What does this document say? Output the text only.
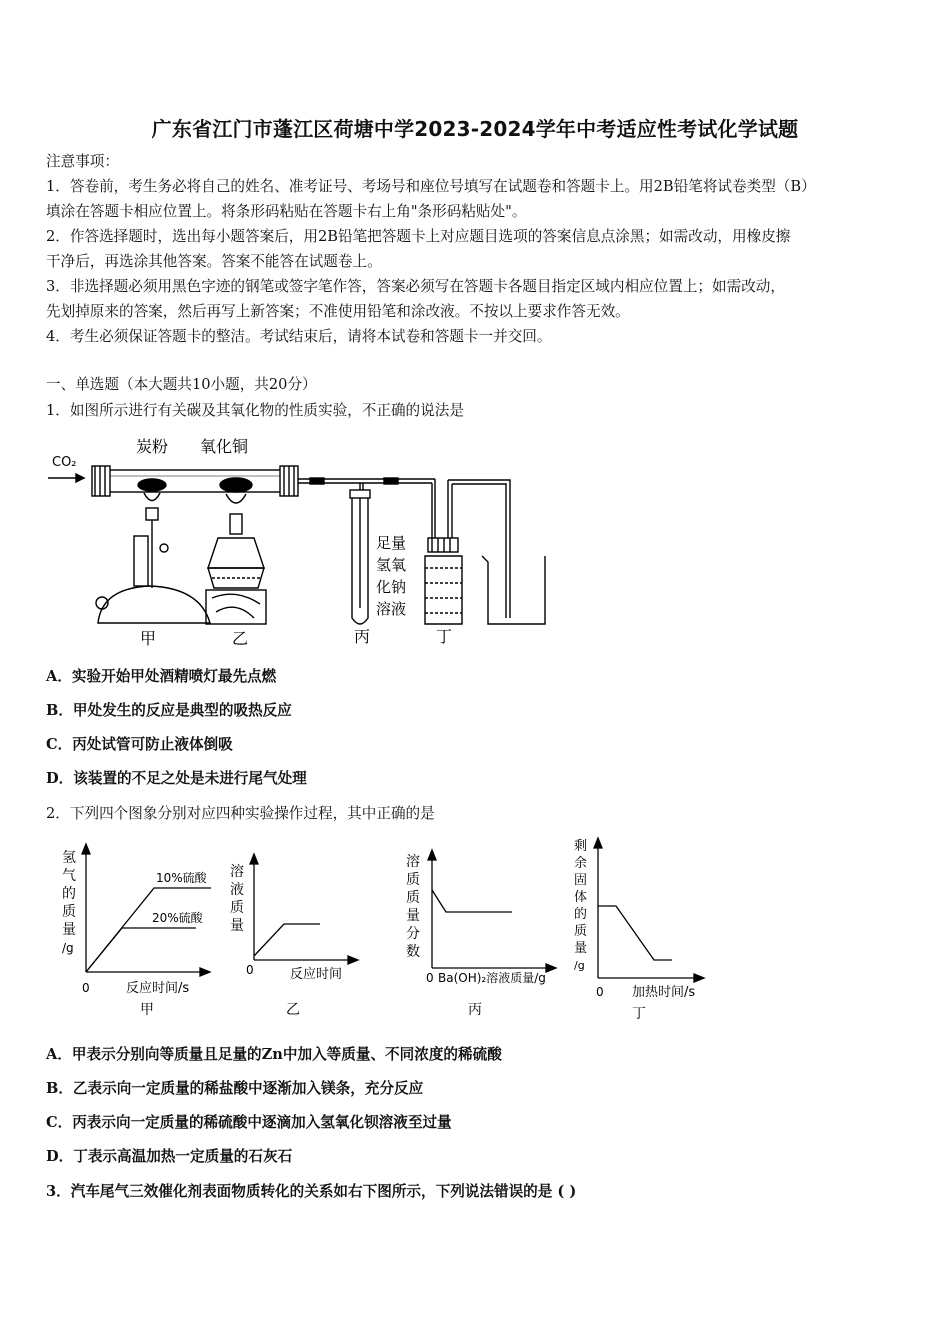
广东省江门市蓬江区荷塘中学2023-2024学年中考适应性考试化学试题
注意事项：
1．答卷前，考生务必将自己的姓名、准考证号、考场号和座位号填写在试题卷和答题卡上。用2B铅笔将试卷类型（B）
填涂在答题卡相应位置上。将条形码粘贴在答题卡右上角"条形码粘贴处"。
2．作答选择题时，选出每小题答案后，用2B铅笔把答题卡上对应题目选项的答案信息点涂黑；如需改动，用橡皮擦
干净后，再选涂其他答案。答案不能答在试题卷上。
3．非选择题必须用黑色字迹的钢笔或签字笔作答，答案必须写在答题卡各题目指定区域内相应位置上；如需改动，
先划掉原来的答案，然后再写上新答案；不准使用铅笔和涂改液。不按以上要求作答无效。
4．考生必须保证答题卡的整洁。考试结束后，请将本试卷和答题卡一并交回。
一、单选题（本大题共10小题，共20分）
1．如图所示进行有关碳及其氧化物的性质实验，不正确的说法是
CO₂
炭粉 氧化铜
足量
氢氧
化钠
溶液
甲	乙	丙	丁
A．实验开始甲处酒精喷灯最先点燃
B．甲处发生的反应是典型的吸热反应
C．丙处试管可防止液体倒吸
D．该装置的不足之处是未进行尾气处理
2．下列四个图象分别对应四种实验操作过程，其中正确的是
氢
气
的
质
量
/g
10%硫酸
20%硫酸
0	反应时间/s
甲
溶
液
质
量
0	反应时间
乙
溶
质
质
量
分
数
0 Ba(OH)₂溶液质量/g
丙
剩
余
固
体
的
质
量
/g
0 加热时间/s
丁
A．甲表示分别向等质量且足量的Zn中加入等质量、不同浓度的稀硫酸
B．乙表示向一定质量的稀盐酸中逐渐加入镁条，充分反应
C．丙表示向一定质量的稀硫酸中逐滴加入氢氧化钡溶液至过量
D．丁表示高温加热一定质量的石灰石
3．汽车尾气三效催化剂表面物质转化的关系如右下图所示，下列说法错误的是 ( )
